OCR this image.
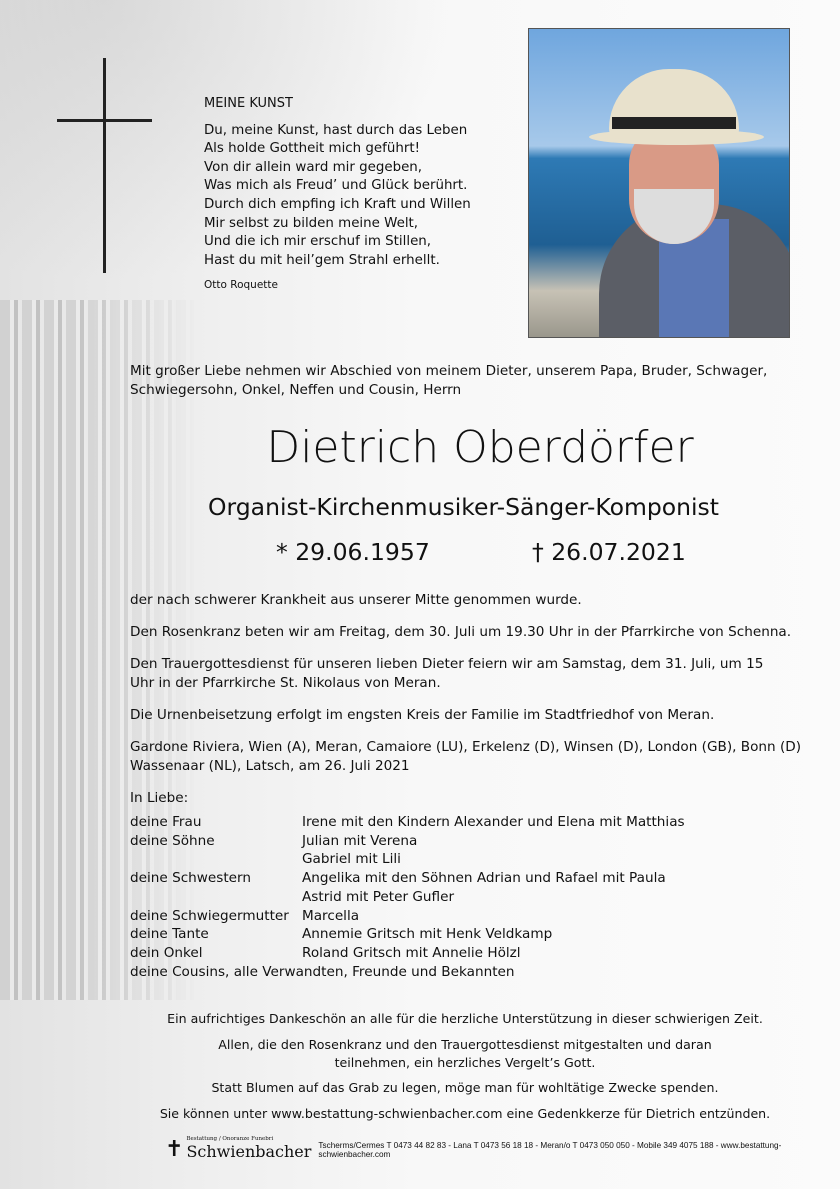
MEINE KUNST
Du, meine Kunst, hast durch das Leben
Als holde Gottheit mich geführt!
Von dir allein ward mir gegeben,
Was mich als Freud’ und Glück berührt.
Durch dich empfing ich Kraft und Willen
Mir selbst zu bilden meine Welt,
Und die ich mir erschuf im Stillen,
Hast du mit heil’gem Strahl erhellt.
Otto Roquette
Mit großer Liebe nehmen wir Abschied von meinem Dieter, unserem Papa, Bruder, Schwager, Schwiegersohn, Onkel, Neffen und Cousin, Herrn
Dietrich Oberdörfer
Organist-Kirchenmusiker-Sänger-Komponist
* 29.06.1957	† 26.07.2021
der nach schwerer Krankheit aus unserer Mitte genommen wurde.
Den Rosenkranz beten wir am Freitag, dem 30. Juli um 19.30 Uhr in der Pfarrkirche von Schenna.
Den Trauergottesdienst für unseren lieben Dieter feiern wir am Samstag, dem 31. Juli, um 15 Uhr in der Pfarrkirche St. Nikolaus von Meran.
Die Urnenbeisetzung erfolgt im engsten Kreis der Familie im Stadtfriedhof von Meran.
Gardone Riviera, Wien (A), Meran, Camaiore (LU), Erkelenz (D), Winsen (D), London (GB), Bonn (D) Wassenaar (NL), Latsch, am 26. Juli 2021
In Liebe:
deine Frau	Irene mit den Kindern Alexander und Elena mit Matthias
deine Söhne	Julian mit Verena
Gabriel mit Lili
deine Schwestern	Angelika mit den Söhnen Adrian und Rafael mit Paula
Astrid mit Peter Gufler
deine Schwiegermutter Marcella
deine Tante	Annemie Gritsch mit Henk Veldkamp
dein Onkel	Roland Gritsch mit Annelie Hölzl
deine Cousins, alle Verwandten, Freunde und Bekannten
Ein aufrichtiges Dankeschön an alle für die herzliche Unterstützung in dieser schwierigen Zeit.
Allen, die den Rosenkranz und den Trauergottesdienst mitgestalten und daran teilnehmen, ein herzliches Vergelt’s Gott.
Statt Blumen auf das Grab zu legen, möge man für wohltätige Zwecke spenden.
Sie können unter www.bestattung-schwienbacher.com eine Gedenkkerze für Dietrich entzünden.
✝ Bestattung / Onoranze Funebri
Schwienbacher Tscherms/Cermes T 0473 44 82 83 - Lana T 0473 56 18 18 - Meran/o T 0473 050 050 - Mobile 349 4075 188 - www.bestattung-schwienbacher.com
